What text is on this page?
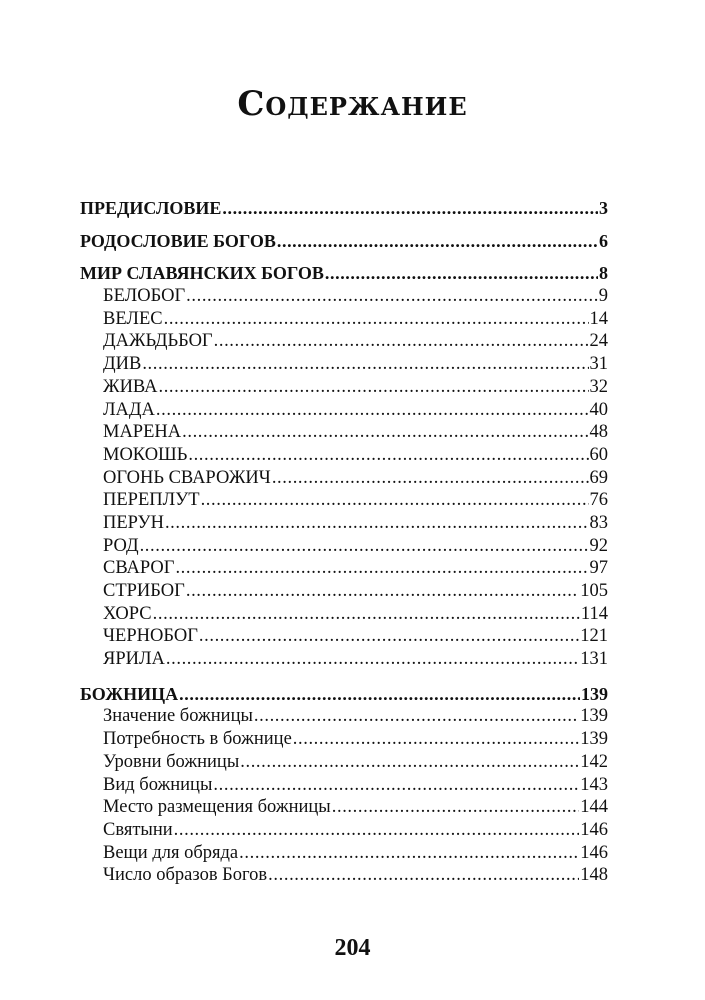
Содержание
ПРЕДИСЛОВИЕ .....	3
РОДОСЛОВИЕ БОГОВ .....	6
МИР СЛАВЯНСКИХ БОГОВ .....	8
БЕЛОБОГ .....	9
ВЕЛЕС .....	14
ДАЖЬДЬБОГ .....	24
ДИВ .....	31
ЖИВА .....	32
ЛАДА .....	40
МАРЕНА .....	48
МОКОШЬ .....	60
ОГОНЬ СВАРОЖИЧ .....	69
ПЕРЕПЛУТ .....	76
ПЕРУН .....	83
РОД .....	92
СВАРОГ .....	97
СТРИБОГ .....	105
ХОРС .....	114
ЧЕРНОБОГ .....	121
ЯРИЛА .....	131
БОЖНИЦА .....	139
Значение божницы .....	139
Потребность в божнице .....	139
Уровни божницы .....	142
Вид божницы .....	143
Место размещения божницы .....	144
Святыни .....	146
Вещи для обряда .....	146
Число образов Богов .....	148
204
